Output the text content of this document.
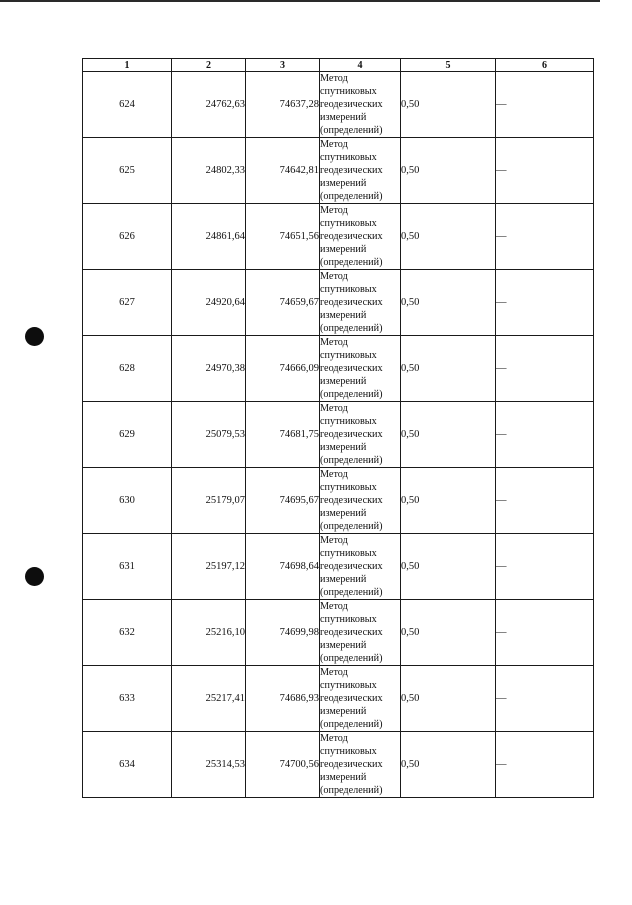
1	2	3	4	5	6
624	24762,63	74637,28	Метод спутниковых геодезических измерений (определений)	0,50	—
625	24802,33	74642,81	Метод спутниковых геодезических измерений (определений)	0,50	—
626	24861,64	74651,56	Метод спутниковых геодезических измерений (определений)	0,50	—
627	24920,64	74659,67	Метод спутниковых геодезических измерений (определений)	0,50	—
628	24970,38	74666,09	Метод спутниковых геодезических измерений (определений)	0,50	—
629	25079,53	74681,75	Метод спутниковых геодезических измерений (определений)	0,50	—
630	25179,07	74695,67	Метод спутниковых геодезических измерений (определений)	0,50	—
631	25197,12	74698,64	Метод спутниковых геодезических измерений (определений)	0,50	—
632	25216,10	74699,98	Метод спутниковых геодезических измерений (определений)	0,50	—
633	25217,41	74686,93	Метод спутниковых геодезических измерений (определений)	0,50	—
634	25314,53	74700,56	Метод спутниковых геодезических измерений (определений)	0,50	—
